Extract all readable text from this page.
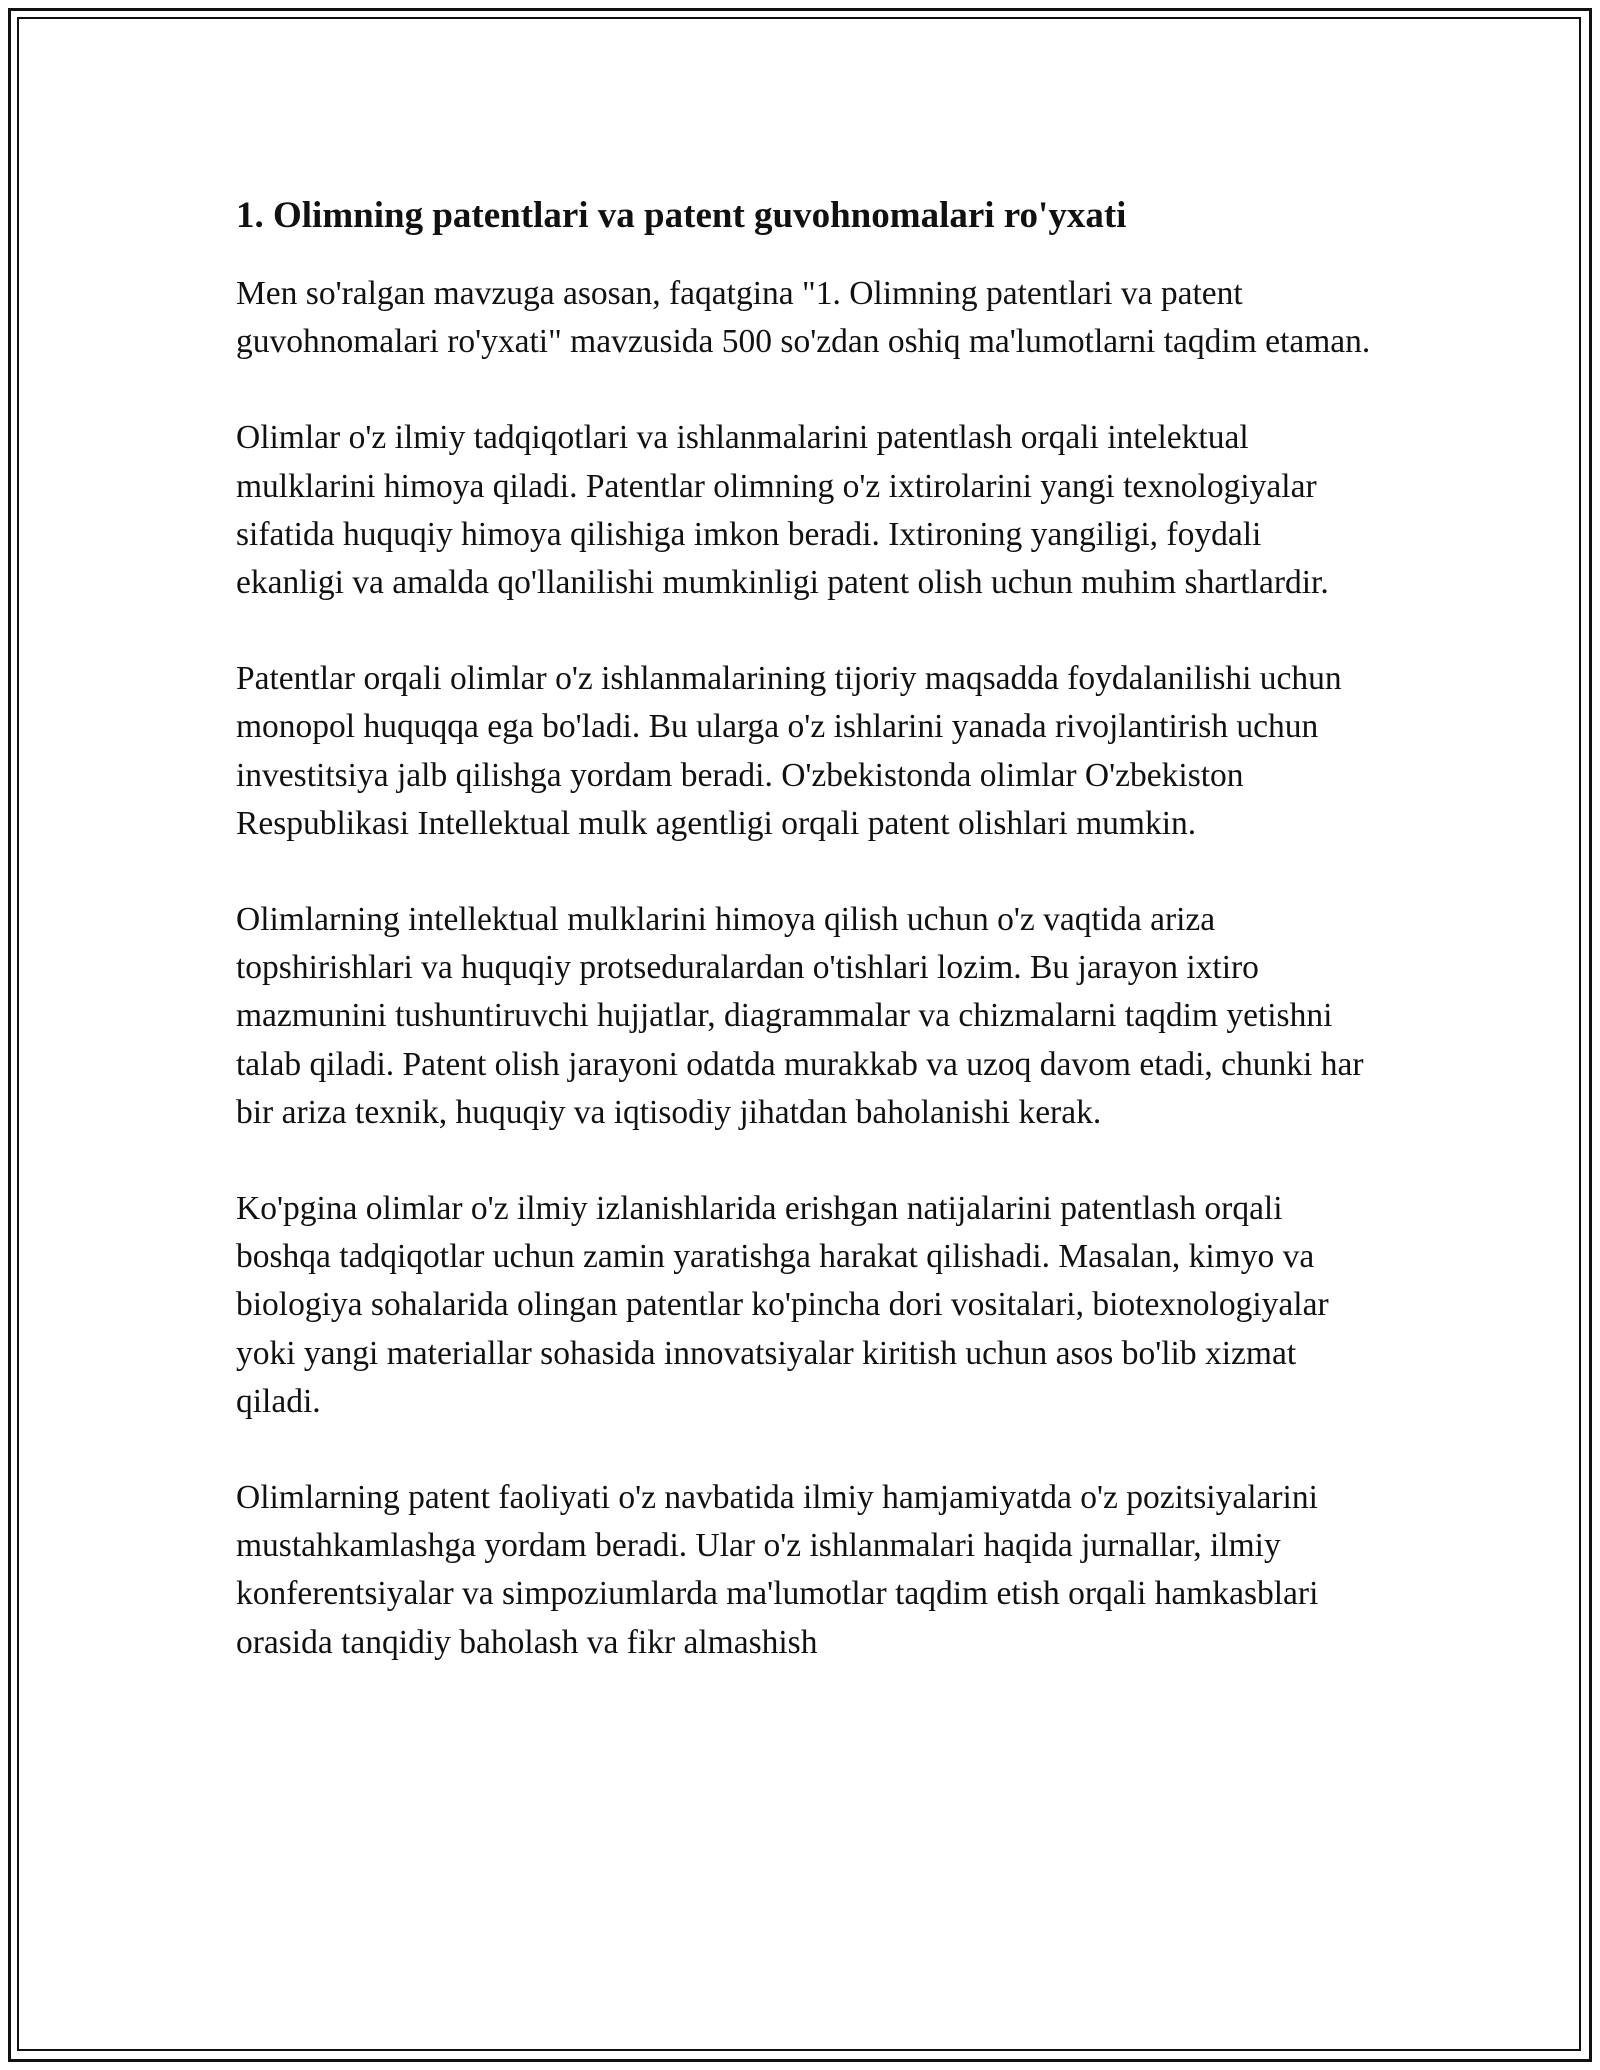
1. Olimning patentlari va patent guvohnomalari ro'yxati

Men so'ralgan mavzuga asosan, faqatgina "1. Olimning patentlari va patent guvohnomalari ro'yxati" mavzusida 500 so'zdan oshiq ma'lumotlarni taqdim etaman.

Olimlar o'z ilmiy tadqiqotlari va ishlanmalarini patentlash orqali intelektual mulklarini himoya qiladi. Patentlar olimning o'z ixtirolarini yangi texnologiyalar sifatida huquqiy himoya qilishiga imkon beradi. Ixtironing yangiligi, foydali ekanligi va amalda qo'llanilishi mumkinligi patent olish uchun muhim shartlardir.

Patentlar orqali olimlar o'z ishlanmalarining tijoriy maqsadda foydalanilishi uchun monopol huquqqa ega bo'ladi. Bu ularga o'z ishlarini yanada rivojlantirish uchun investitsiya jalb qilishga yordam beradi. O'zbekistonda olimlar O'zbekiston Respublikasi Intellektual mulk agentligi orqali patent olishlari mumkin.

Olimlarning intellektual mulklarini himoya qilish uchun o'z vaqtida ariza topshirishlari va huquqiy protseduralardan o'tishlari lozim. Bu jarayon ixtiro mazmunini tushuntiruvchi hujjatlar, diagrammalar va chizmalarni taqdim yetishni talab qiladi. Patent olish jarayoni odatda murakkab va uzoq davom etadi, chunki har bir ariza texnik, huquqiy va iqtisodiy jihatdan baholanishi kerak.

Ko'pgina olimlar o'z ilmiy izlanishlarida erishgan natijalarini patentlash orqali boshqa tadqiqotlar uchun zamin yaratishga harakat qilishadi. Masalan, kimyo va biologiya sohalarida olingan patentlar ko'pincha dori vositalari, biotexnologiyalar yoki yangi materiallar sohasida innovatsiyalar kiritish uchun asos bo'lib xizmat qiladi.

Olimlarning patent faoliyati o'z navbatida ilmiy hamjamiyatda o'z pozitsiyalarini mustahkamlashga yordam beradi. Ular o'z ishlanmalari haqida jurnallar, ilmiy konferentsiyalar va simpoziumlarda ma'lumotlar taqdim etish orqali hamkasblari orasida tanqidiy baholash va fikr almashish
